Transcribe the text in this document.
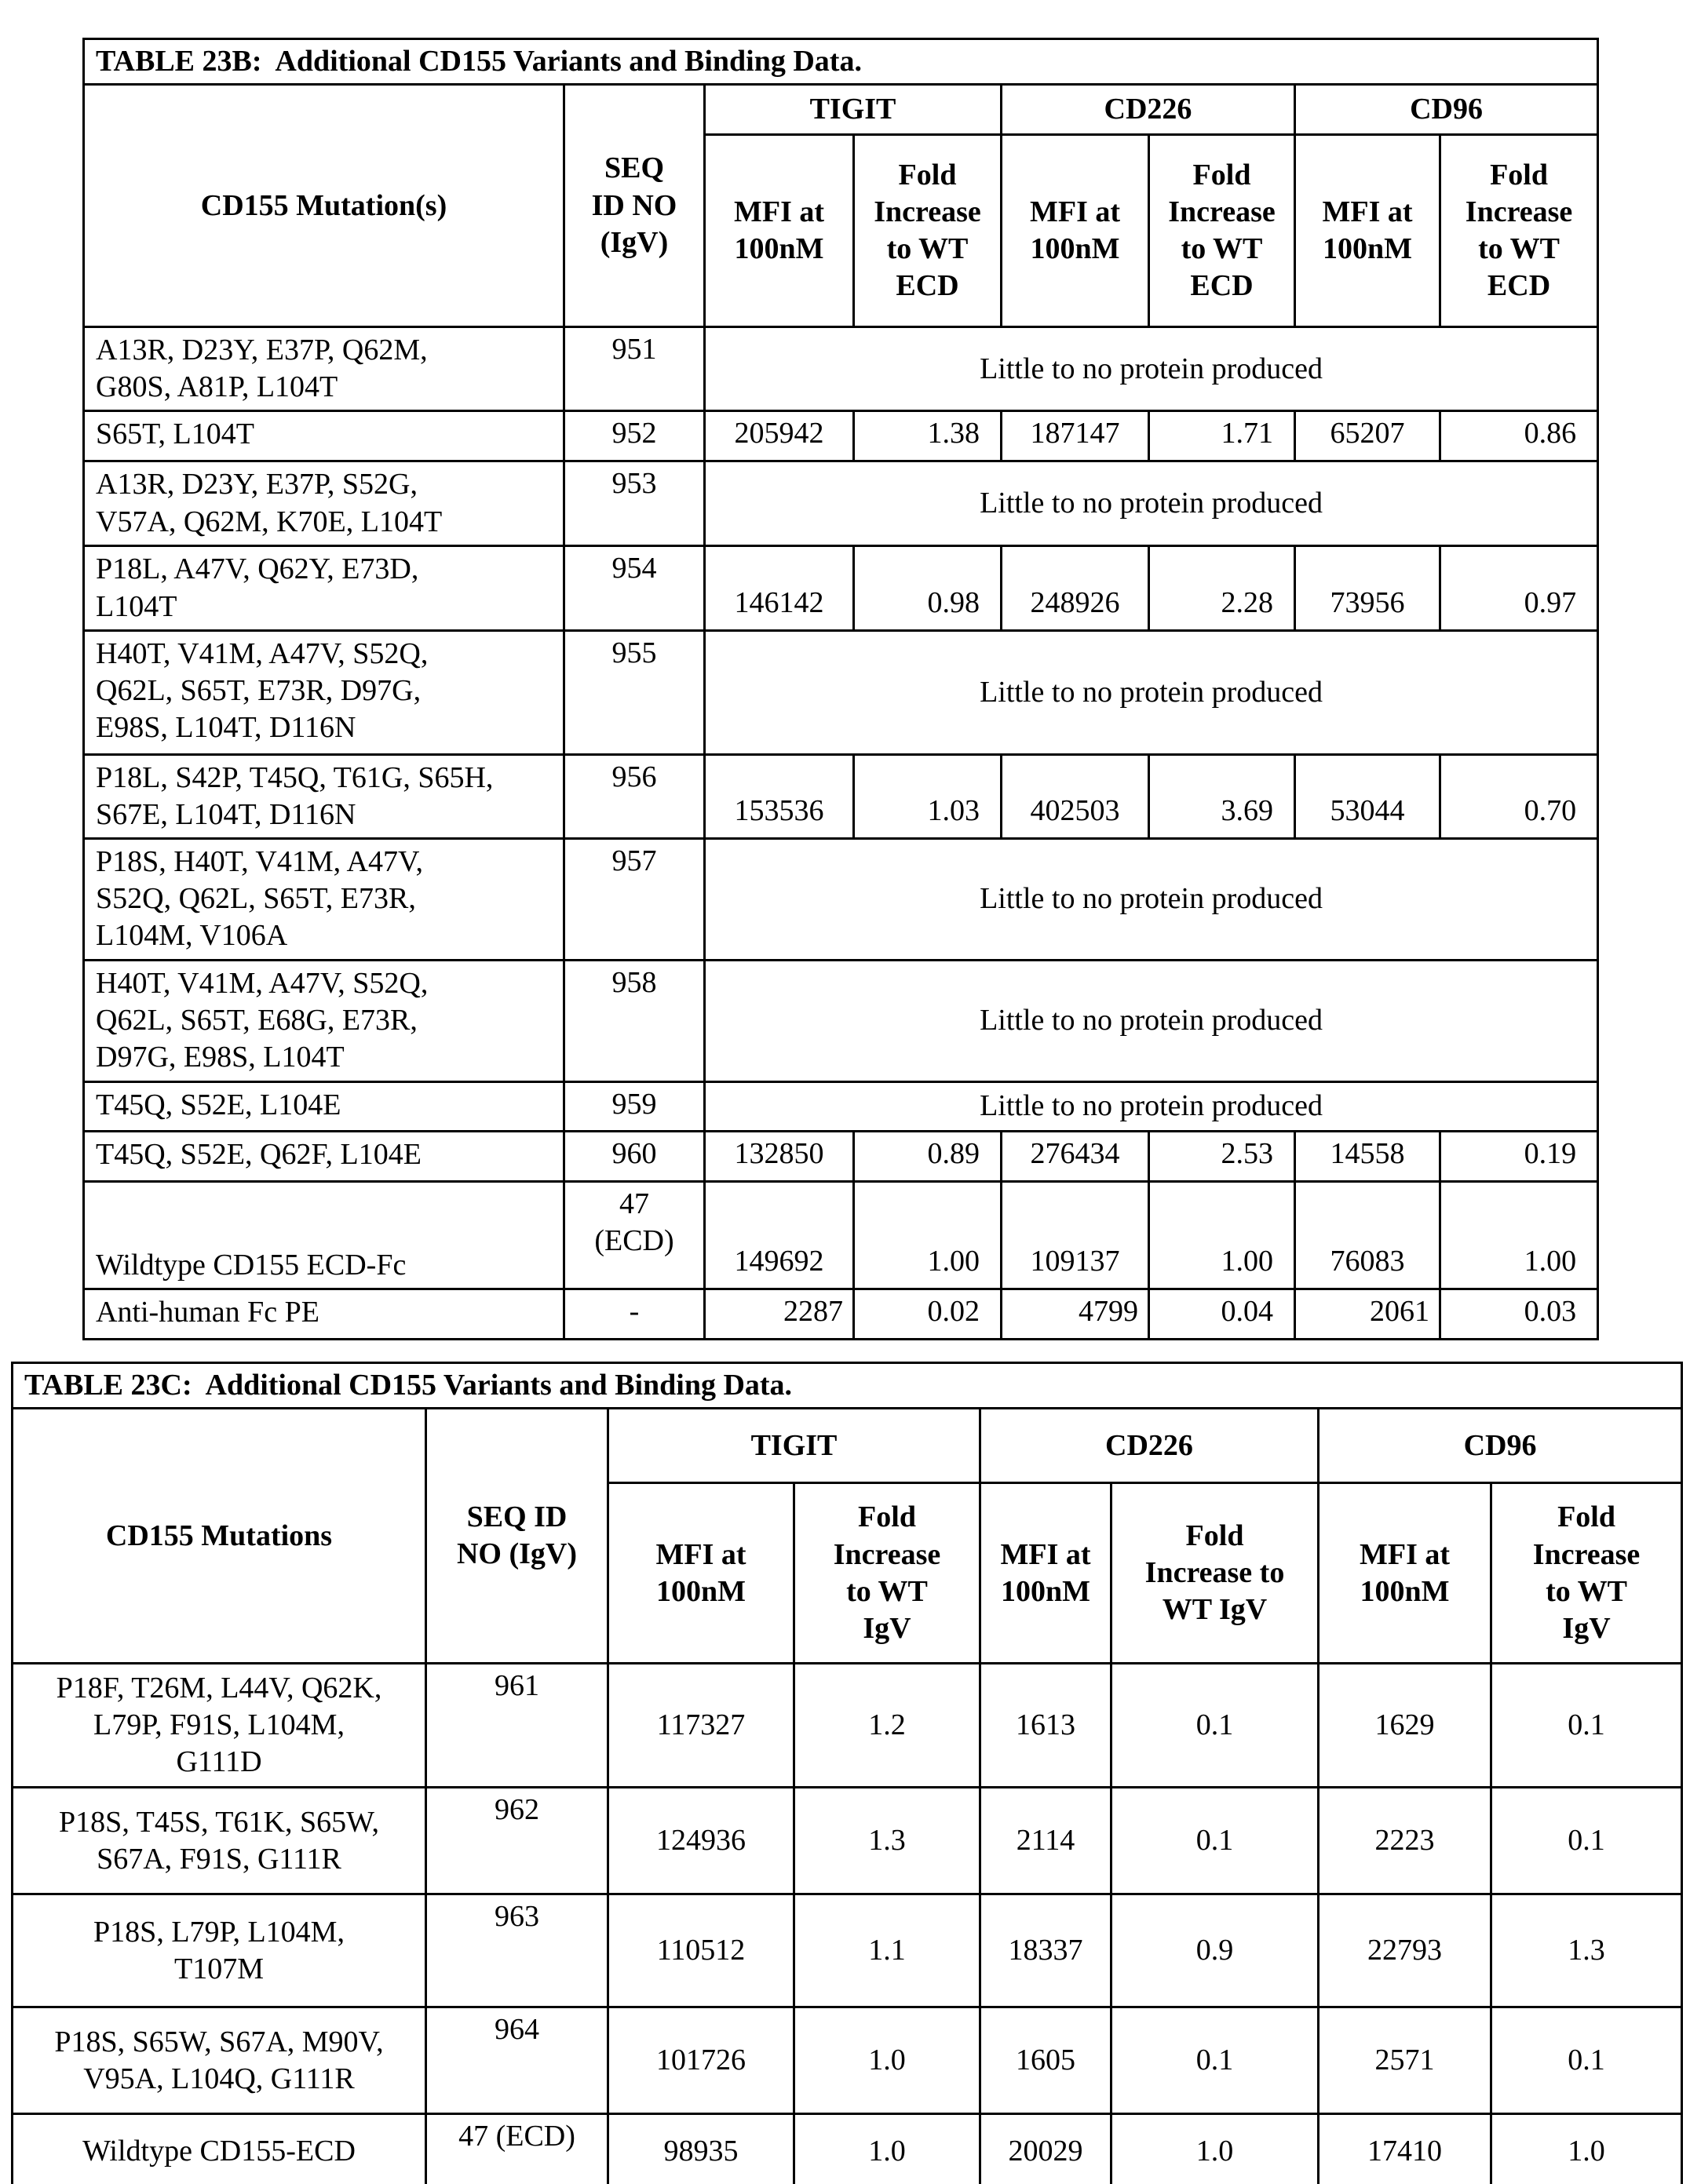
TABLE 23B:  Additional CD155 Variants and Binding Data.							
CD155 Mutation(s)	SEQ
ID NO
(IgV)	TIGIT		CD226		CD96	
		MFI at
100nM	Fold
Increase
to WT
ECD	MFI at
100nM	Fold
Increase
to WT
ECD	MFI at
100nM	Fold
Increase
to WT
ECD
A13R, D23Y, E37P, Q62M,
G80S, A81P, L104T	951	Little to no protein produced					
S65T, L104T	952	205942	1.38	187147	1.71	65207	0.86
A13R, D23Y, E37P, S52G,
V57A, Q62M, K70E, L104T	953	Little to no protein produced					
P18L, A47V, Q62Y, E73D,
L104T	954	146142	0.98	248926	2.28	73956	0.97
H40T, V41M, A47V, S52Q,
Q62L, S65T, E73R, D97G,
E98S, L104T, D116N	955	Little to no protein produced					
P18L, S42P, T45Q, T61G, S65H,
S67E, L104T, D116N	956	153536	1.03	402503	3.69	53044	0.70
P18S, H40T, V41M, A47V,
S52Q, Q62L, S65T, E73R,
L104M, V106A	957	Little to no protein produced					
H40T, V41M, A47V, S52Q,
Q62L, S65T, E68G, E73R,
D97G, E98S, L104T	958	Little to no protein produced					
T45Q, S52E, L104E	959	Little to no protein produced					
T45Q, S52E, Q62F, L104E	960	132850	0.89	276434	2.53	14558	0.19
Wildtype CD155 ECD-Fc	47
(ECD)	149692	1.00	109137	1.00	76083	1.00
Anti-human Fc PE	-	2287	0.02	4799	0.04	2061	0.03
TABLE 23C:  Additional CD155 Variants and Binding Data.							
CD155 Mutations	SEQ ID
NO (IgV)	TIGIT		CD226		CD96	
		MFI at
100nM	Fold
Increase
to WT
IgV	MFI at
100nM	Fold
Increase to
WT IgV	MFI at
100nM	Fold
Increase
to WT
IgV
P18F, T26M, L44V, Q62K,
L79P, F91S, L104M,
G111D	961	117327	1.2	1613	0.1	1629	0.1
P18S, T45S, T61K, S65W,
S67A, F91S, G111R	962	124936	1.3	2114	0.1	2223	0.1
P18S, L79P, L104M,
T107M	963	110512	1.1	18337	0.9	22793	1.3
P18S, S65W, S67A, M90V,
V95A, L104Q, G111R	964	101726	1.0	1605	0.1	2571	0.1
Wildtype CD155-ECD	47 (ECD)	98935	1.0	20029	1.0	17410	1.0
